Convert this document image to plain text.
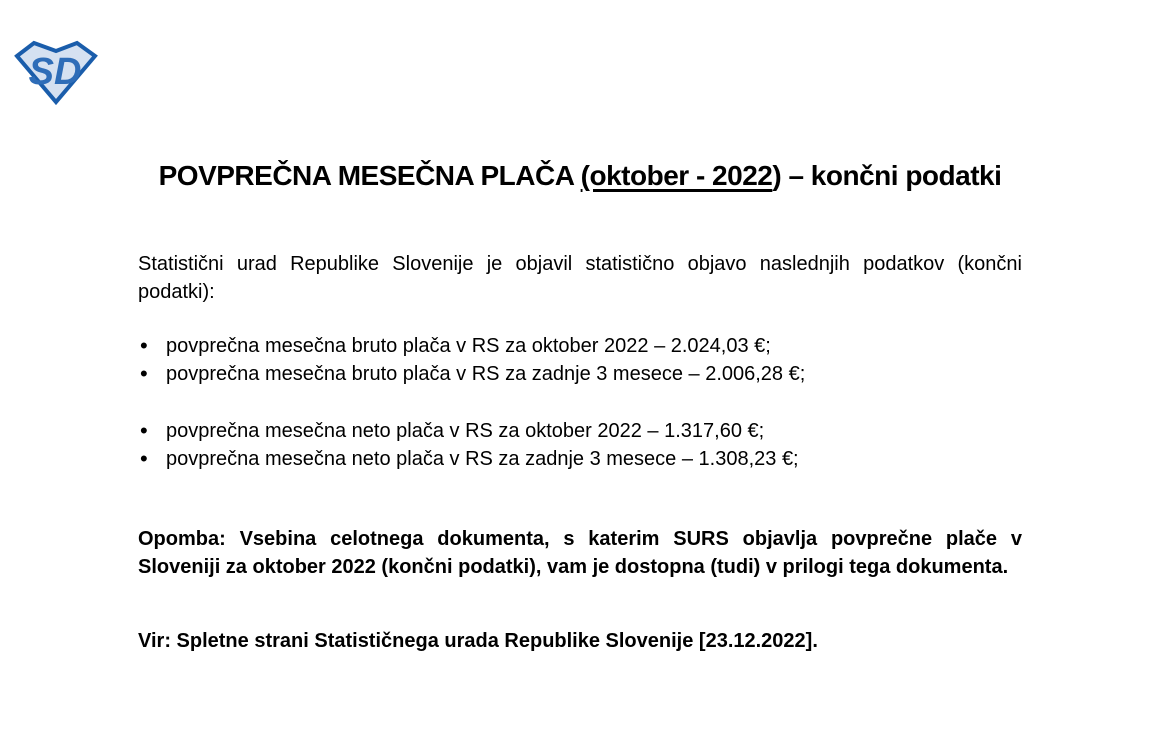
SD
POVPREČNA MESEČNA PLAČA (oktober - 2022) – končni podatki

Statistični urad Republike Slovenije je objavil statistično objavo naslednjih podatkov (končni podatki):

• povprečna mesečna bruto plača v RS za oktober 2022 – 2.024,03 €;
• povprečna mesečna bruto plača v RS za zadnje 3 mesece – 2.006,28 €;
• povprečna mesečna neto plača v RS za oktober 2022 – 1.317,60 €;
• povprečna mesečna neto plača v RS za zadnje 3 mesece – 1.308,23 €;

Opomba: Vsebina celotnega dokumenta, s katerim SURS objavlja povprečne plače v Sloveniji za oktober 2022 (končni podatki), vam je dostopna (tudi) v prilogi tega dokumenta.

Vir: Spletne strani Statističnega urada Republike Slovenije [23.12.2022].
